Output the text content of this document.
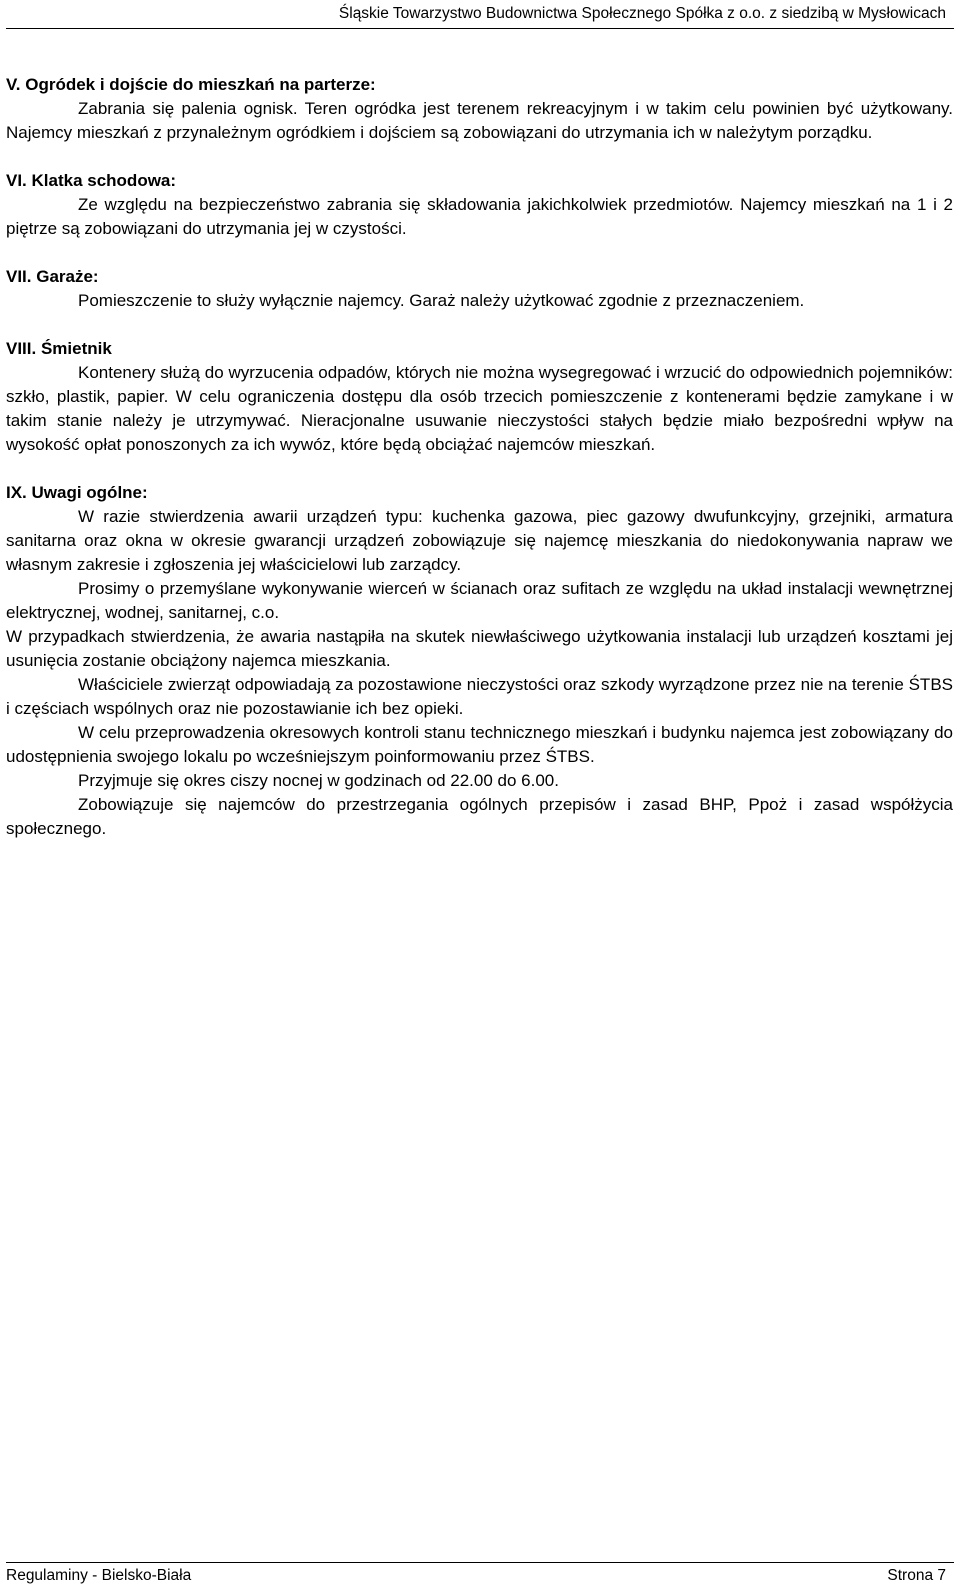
Śląskie Towarzystwo Budownictwa Społecznego Spółka z o.o. z siedzibą w Mysłowicach
V. Ogródek i dojście do mieszkań na parterze:
Zabrania się palenia ognisk. Teren ogródka jest terenem rekreacyjnym i w takim celu powinien być użytkowany. Najemcy mieszkań z przynależnym ogródkiem i dojściem są zobowiązani do utrzymania ich w należytym porządku.
VI. Klatka schodowa:
Ze względu na bezpieczeństwo zabrania się składowania jakichkolwiek przedmiotów. Najemcy mieszkań na 1 i 2 piętrze są zobowiązani do utrzymania jej w czystości.
VII. Garaże:
Pomieszczenie to służy wyłącznie najemcy. Garaż należy użytkować zgodnie z przeznaczeniem.
VIII. Śmietnik
Kontenery służą do wyrzucenia odpadów, których nie można wysegregować i wrzucić do odpowiednich pojemników: szkło, plastik, papier. W celu ograniczenia dostępu dla osób trzecich pomieszczenie z kontenerami będzie zamykane i w takim stanie należy je utrzymywać. Nieracjonalne usuwanie nieczystości stałych będzie miało bezpośredni wpływ na wysokość opłat ponoszonych za ich wywóz, które będą obciążać najemców mieszkań.
IX. Uwagi ogólne:
W razie stwierdzenia awarii urządzeń typu: kuchenka gazowa, piec gazowy dwufunkcyjny, grzejniki, armatura sanitarna oraz okna w okresie gwarancji urządzeń zobowiązuje się najemcę mieszkania do niedokonywania napraw we własnym zakresie i zgłoszenia jej właścicielowi lub zarządcy.
Prosimy o przemyślane wykonywanie wierceń w ścianach oraz sufitach ze względu na układ instalacji wewnętrznej elektrycznej, wodnej, sanitarnej, c.o.
W przypadkach stwierdzenia, że awaria nastąpiła na skutek niewłaściwego użytkowania instalacji lub urządzeń kosztami jej usunięcia zostanie obciążony najemca mieszkania.
Właściciele zwierząt odpowiadają za pozostawione nieczystości oraz szkody wyrządzone przez nie na terenie ŚTBS i częściach wspólnych oraz nie pozostawianie ich bez opieki.
W celu przeprowadzenia okresowych kontroli stanu technicznego mieszkań i budynku najemca jest zobowiązany do udostępnienia swojego lokalu po wcześniejszym poinformowaniu przez ŚTBS.
Przyjmuje się okres ciszy nocnej w godzinach od 22.00 do 6.00.
Zobowiązuje się najemców do przestrzegania ogólnych przepisów i zasad BHP, Ppoż i zasad współżycia społecznego.
Regulaminy - Bielsko-Biała	Strona 7
